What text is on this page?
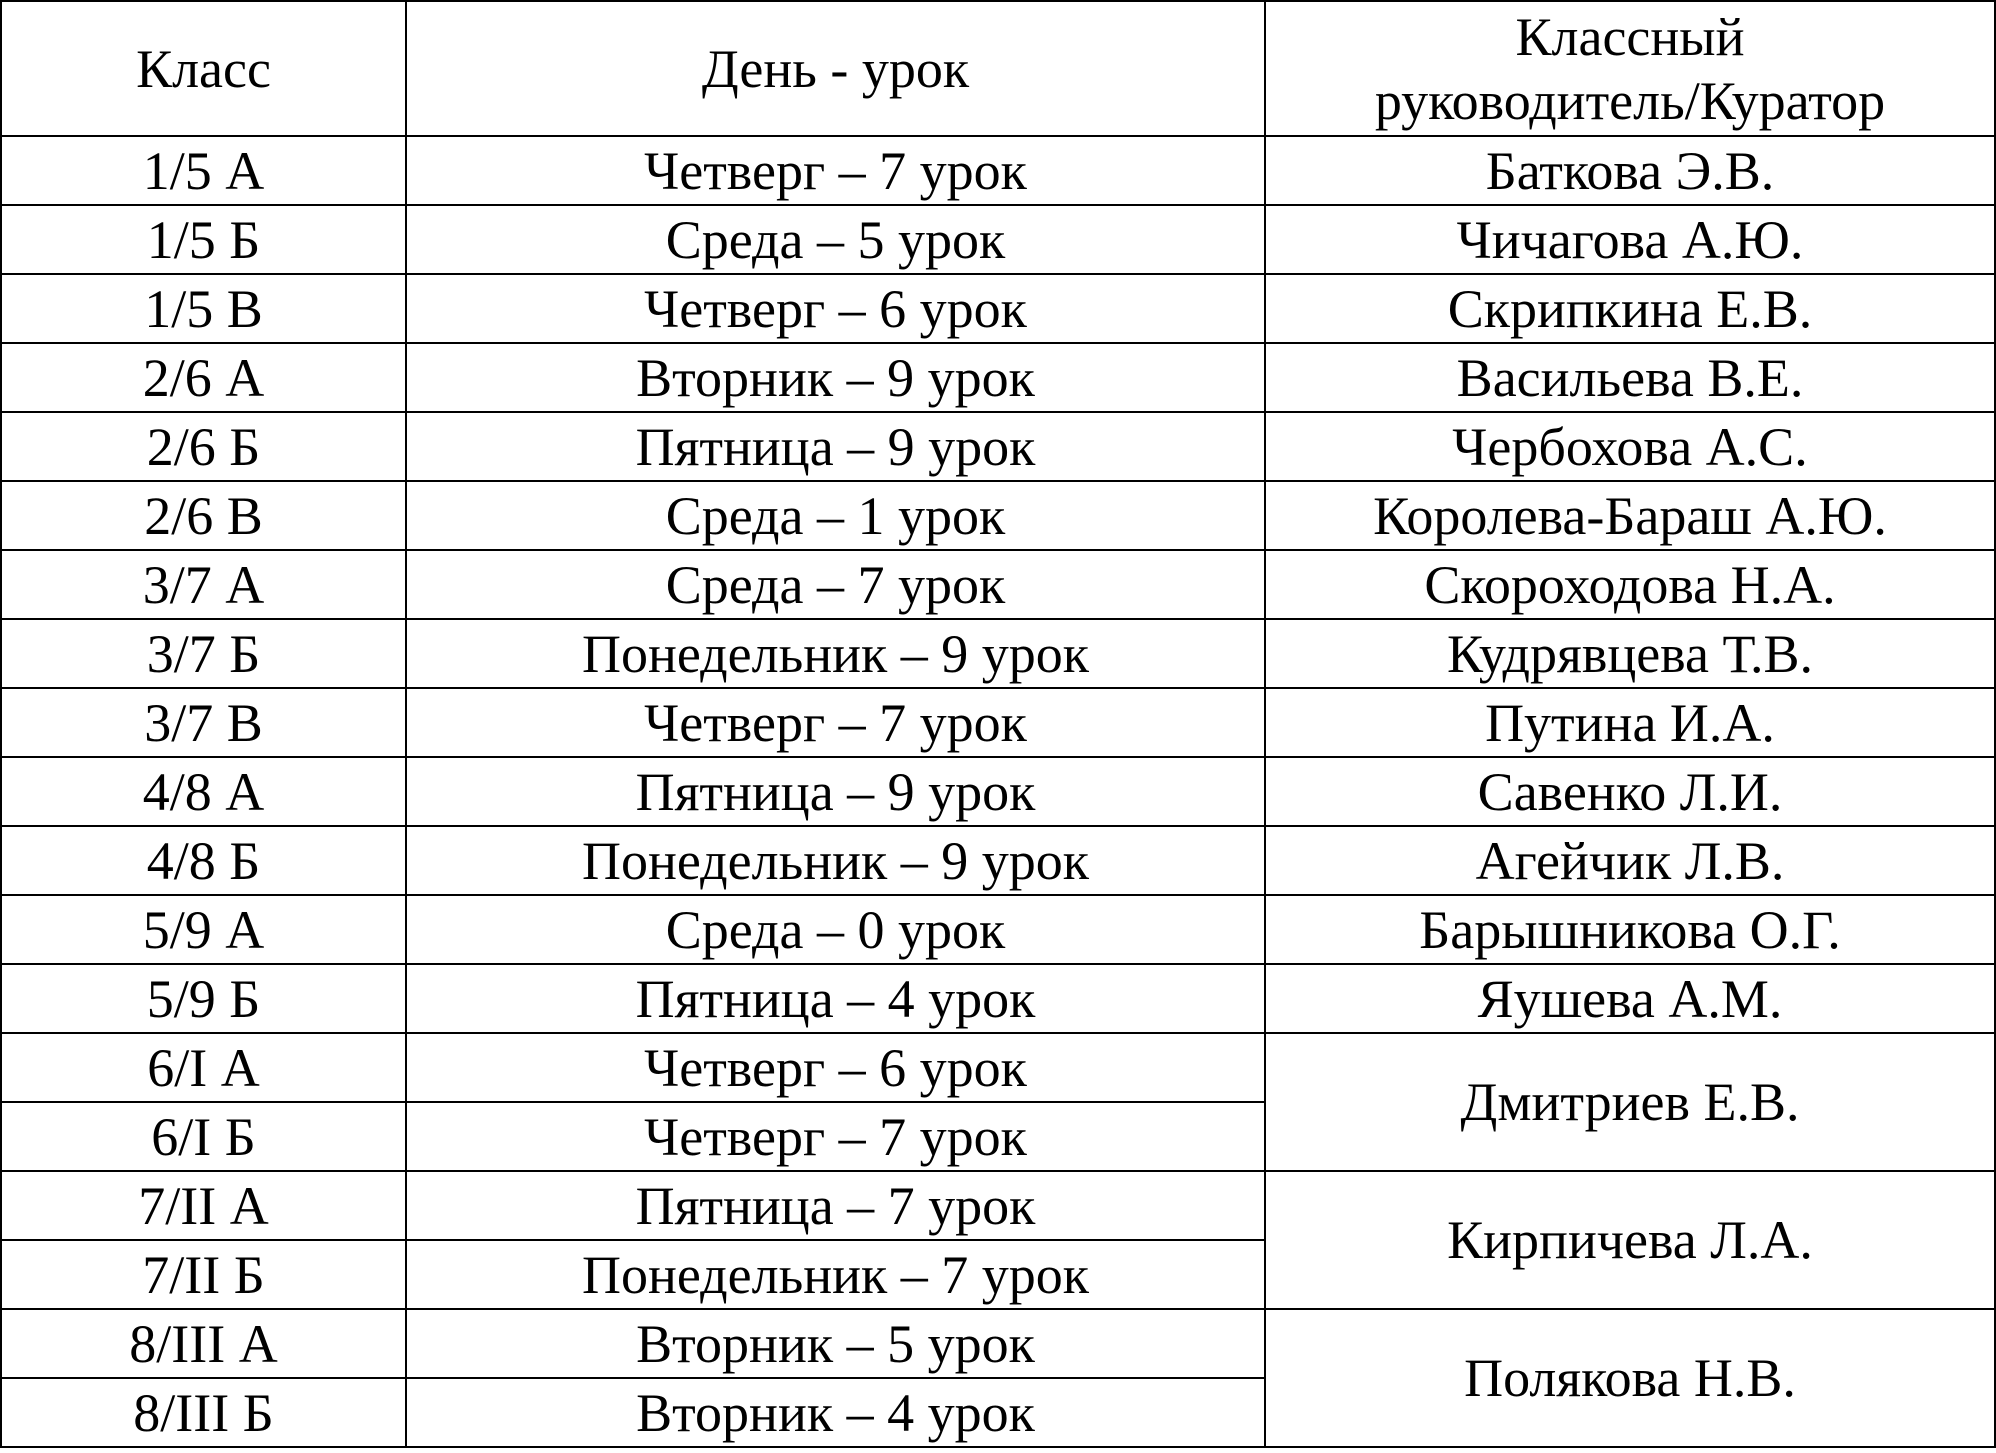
Класс	День - урок	Классный
руководитель/Куратор
1/5 А	Четверг – 7 урок	Баткова Э.В.
1/5 Б	Среда – 5 урок	Чичагова А.Ю.
1/5 В	Четверг – 6 урок	Скрипкина Е.В.
2/6 А	Вторник – 9 урок	Васильева В.Е.
2/6 Б	Пятница – 9 урок	Чербохова А.С.
2/6 В	Среда – 1 урок	Королева-Бараш А.Ю.
3/7 А	Среда – 7 урок	Скороходова Н.А.
3/7 Б	Понедельник – 9 урок	Кудрявцева Т.В.
3/7 В	Четверг – 7 урок	Путина И.А.
4/8 А	Пятница – 9 урок	Савенко Л.И.
4/8 Б	Понедельник – 9 урок	Агейчик Л.В.
5/9 А	Среда – 0 урок	Барышникова О.Г.
5/9 Б	Пятница – 4 урок	Яушева А.М.
6/I А	Четверг – 6 урок	Дмитриев Е.В.
6/I Б	Четверг – 7 урок	
7/II А	Пятница – 7 урок	Кирпичева Л.А.
7/II Б	Понедельник – 7 урок	
8/III А	Вторник – 5 урок	Полякова Н.В.
8/III Б	Вторник – 4 урок	
